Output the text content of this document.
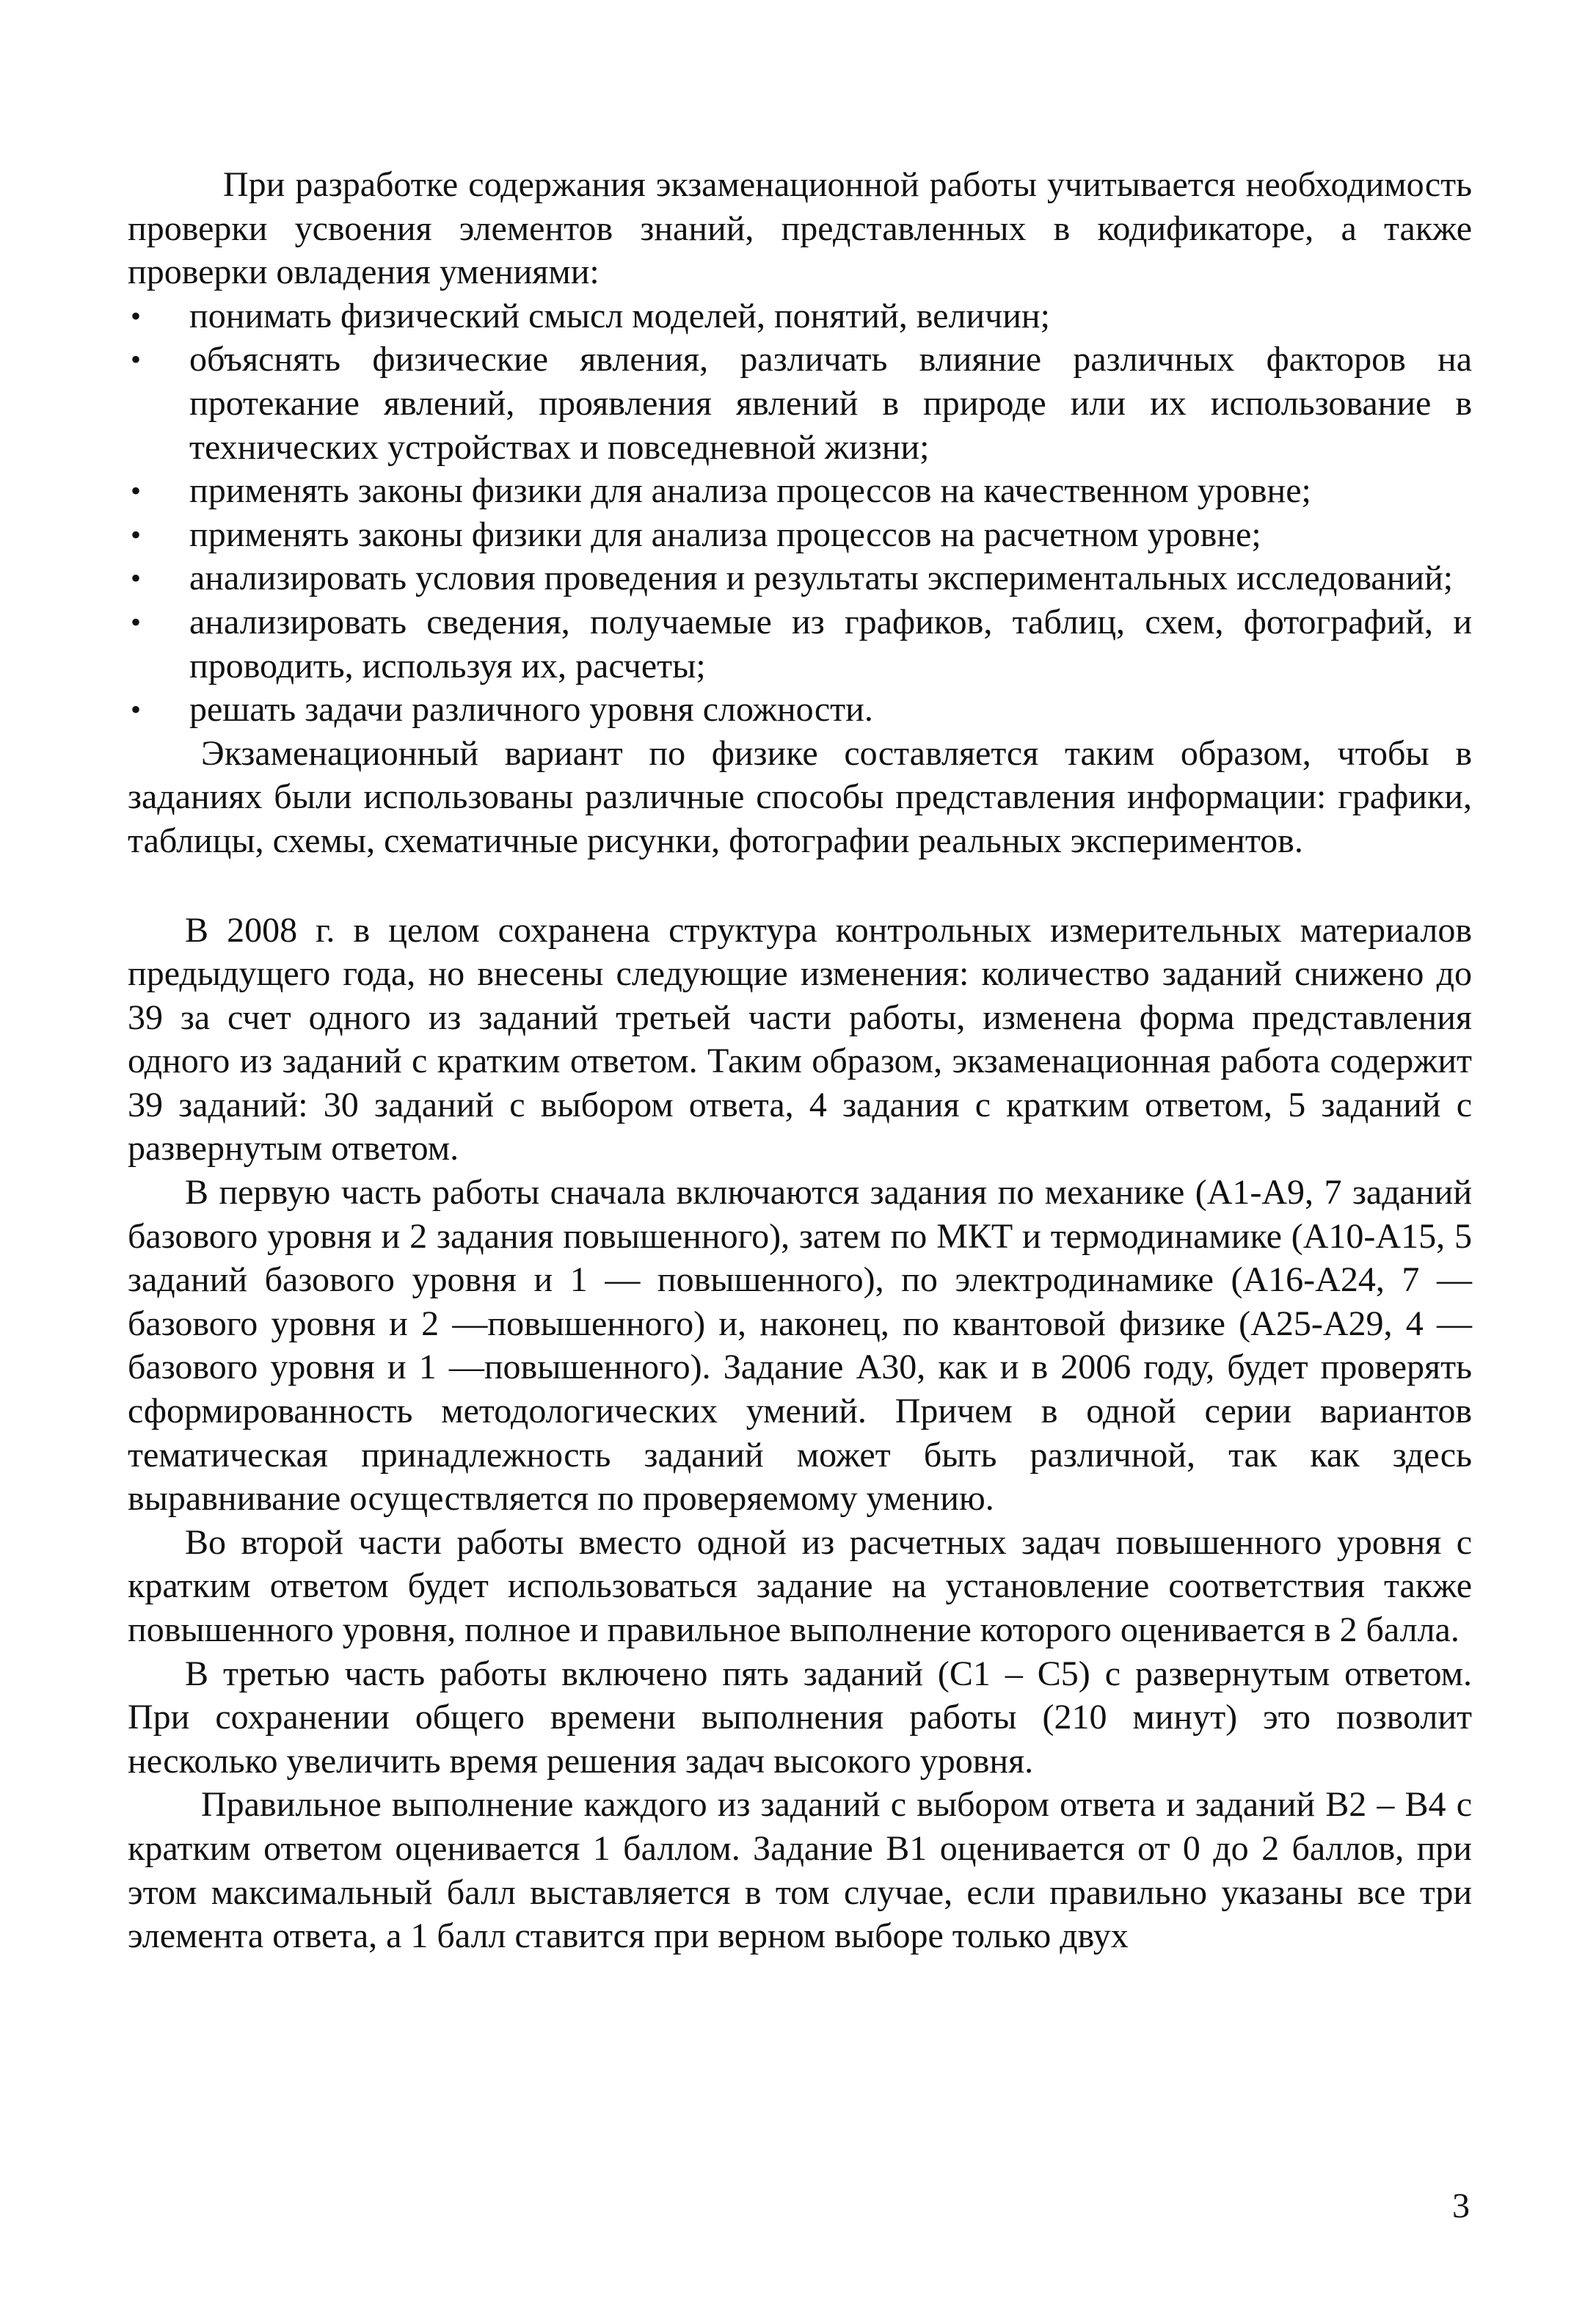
При разработке содержания экзаменационной работы учитывается необходимость проверки усвоения элементов знаний, представленных в кодификаторе, а также проверки овладения умениями:

•	понимать физический смысл моделей, понятий, величин;
•	объяснять физические явления, различать влияние различных факторов на протекание явлений, проявления явлений в природе или их использование в технических устройствах и повседневной жизни;
•	применять законы физики для анализа процессов на качественном уровне;
•	применять законы физики для анализа процессов на расчетном уровне;
•	анализировать условия проведения и результаты экспериментальных исследований;
•	анализировать сведения, получаемые из графиков, таблиц, схем, фотографий, и проводить, используя их, расчеты;
•	решать задачи различного уровня сложности.

Экзаменационный вариант по физике составляется таким образом, чтобы в заданиях были использованы различные способы представления информации: графики, таблицы, схемы, схематичные рисунки, фотографии реальных экспериментов.

В 2008 г. в целом сохранена структура контрольных измерительных материалов предыдущего года, но внесены следующие изменения: количество заданий снижено до 39 за счет одного из заданий третьей части работы, изменена форма представления одного из заданий с кратким ответом. Таким образом, экзаменационная работа содержит 39 заданий: 30 заданий с выбором ответа, 4 задания с кратким ответом, 5 заданий с развернутым ответом.

В первую часть работы сначала включаются задания по механике (А1-А9, 7 заданий базового уровня и 2 задания повышенного), затем по МКТ и термодинамике (А10-А15, 5 заданий базового уровня и 1 — повышенного), по электродинамике (А16-А24, 7 — базового уровня и 2 —повышенного) и, наконец, по квантовой физике (А25-А29, 4 — базового уровня и 1 —повышенного). Задание А30, как и в 2006 году, будет проверять сформированность методологических умений. Причем в одной серии вариантов тематическая принадлежность заданий может быть различной, так как здесь выравнивание осуществляется по проверяемому умению.

Во второй части работы вместо одной из расчетных задач повышенного уровня с кратким ответом будет использоваться задание на установление соответствия также повышенного уровня, полное и правильное выполнение которого оценивается в 2 балла.

В третью часть работы включено пять заданий (С1 – С5) с развернутым ответом. При сохранении общего времени выполнения работы (210 минут) это позволит несколько увеличить время решения задач высокого уровня.

Правильное выполнение каждого из заданий с выбором ответа и заданий В2 – В4 с кратким ответом оценивается 1 баллом. Задание В1 оценивается от 0 до 2 баллов, при этом максимальный балл выставляется в том случае, если правильно указаны все три элемента ответа, а 1 балл ставится при верном выборе только двух

3
